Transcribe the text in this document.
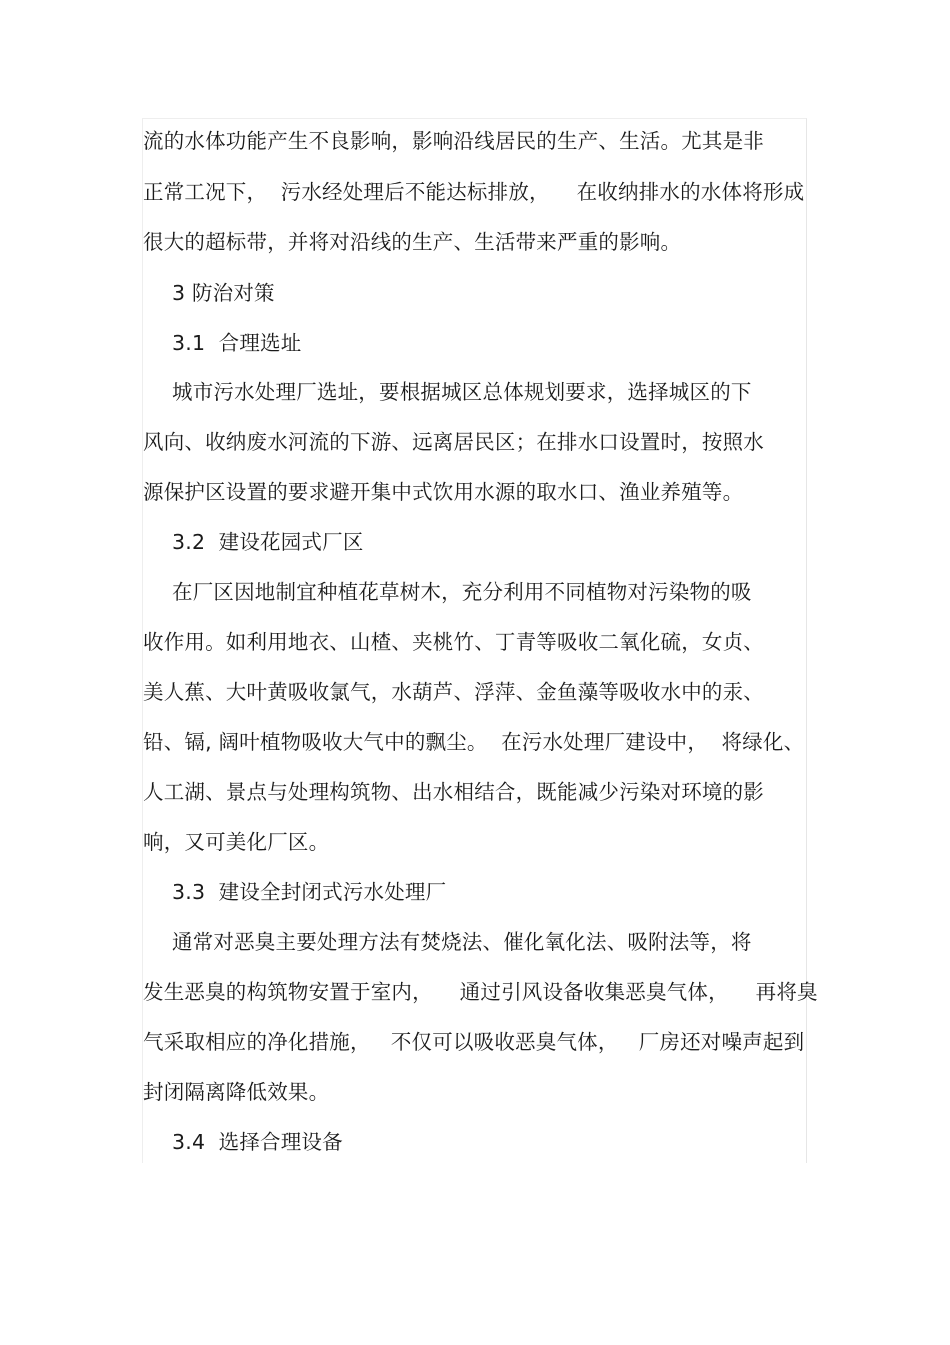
流的水体功能产生不良影响，影响沿线居民的生产、生活。尤其是非
正常工况下，  污水经处理后不能达标排放，    在收纳排水的水体将形成
很大的超标带，并将对沿线的生产、生活带来严重的影响。
3 防治对策
3.1  合理选址
城市污水处理厂选址，要根据城区总体规划要求，选择城区的下
风向、收纳废水河流的下游、远离居民区；在排水口设置时，按照水
源保护区设置的要求避开集中式饮用水源的取水口、渔业养殖等。
3.2  建设花园式厂区
在厂区因地制宜种植花草树木，充分利用不同植物对污染物的吸
收作用。如利用地衣、山楂、夹桃竹、丁青等吸收二氧化硫，女贞、
美人蕉、大叶黄吸收氯气，水葫芦、浮萍、金鱼藻等吸收水中的汞、
铅、镉, 阔叶植物吸收大气中的飘尘。  在污水处理厂建设中，  将绿化、
人工湖、景点与处理构筑物、出水相结合，既能减少污染对环境的影
响，又可美化厂区。
3.3  建设全封闭式污水处理厂
通常对恶臭主要处理方法有焚烧法、催化氧化法、吸附法等，将
发生恶臭的构筑物安置于室内，    通过引风设备收集恶臭气体，    再将臭
气采取相应的净化措施，   不仅可以吸收恶臭气体，   厂房还对噪声起到
封闭隔离降低效果。
3.4  选择合理设备
